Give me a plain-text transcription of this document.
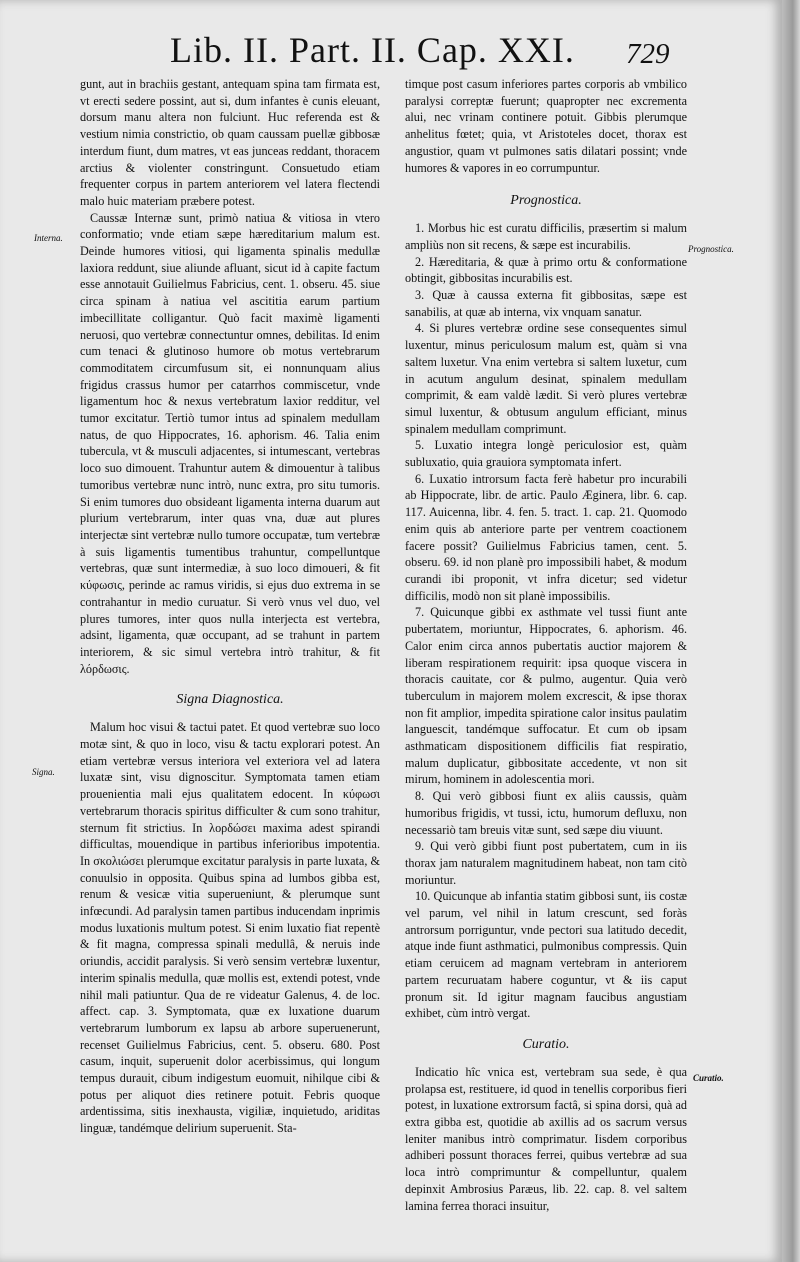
Lib. II. Part. II. Cap. XXI. 729
Interna.
Signa.
Prognostica.
Curatio.

gunt, aut in brachiis gestant, antequam spina tam firmata est, vt erecti sedere possint, aut si, dum infantes è cunis eleuant, dorsum manu altera non fulciunt. Huc referenda est & vestium nimia constrictio, ob quam caussam puellæ gibbosæ interdum fiunt, dum matres, vt eas junceas reddant, thoracem arctius & violenter constringunt. Consuetudo etiam frequenter corpus in partem anteriorem vel latera flectendi malo huic materiam præbere potest.

Caussæ Internæ sunt, primò natiua & vitiosa in vtero conformatio; vnde etiam sæpe hæreditarium malum est. Deinde humores vitiosi, qui ligamenta spinalis medullæ laxiora reddunt, siue aliunde afluant, sicut id à capite factum esse annotauit Guilielmus Fabricius, cent. 1. obseru. 45. siue circa spinam à natiua vel ascititia earum partium imbecillitate colligantur. Quò facit maximè ligamenti neruosi, quo vertebræ connectuntur omnes, debilitas. Id enim cum tenaci & glutinoso humore ob motus vertebrarum commoditatem circumfusum sit, ei nonnunquam alius frigidus crassus humor per catarrhos commiscetur, vnde ligamentum hoc & nexus vertebratum laxior redditur, vel tumor excitatur. Tertiò tumor intus ad spinalem medullam natus, de quo Hippocrates, 16. aphorism. 46. Talia enim tubercula, vt & musculi adjacentes, si intumescant, vertebras loco suo dimouent. Trahuntur autem & dimouentur à talibus tumoribus vertebræ nunc intrò, nunc extra, pro situ tumoris. Si enim tumores duo obsideant ligamenta interna duarum aut plurium vertebrarum, inter quas vna, duæ aut plures interjectæ sint vertebræ nullo tumore occupatæ, tum vertebræ à suis ligamentis tumentibus trahuntur, compelluntque vertebras, quæ sunt intermediæ, à suo loco dimoueri, & fit κύφωσις, perinde ac ramus viridis, si ejus duo extrema in se contrahantur in medio curuatur. Si verò vnus vel duo, vel plures tumores, inter quos nulla interjecta est vertebra, adsint, ligamenta, quæ occupant, ad se trahunt in partem interiorem, & sic simul vertebra intrò trahitur, & fit λόρδωσις.

Signa Diagnostica.

Malum hoc visui & tactui patet. Et quod vertebræ suo loco motæ sint, & quo in loco, visu & tactu explorari potest. An etiam vertebræ versus interiora vel exteriora vel ad latera luxatæ sint, visu dignoscitur. Symptomata tamen etiam prouenientia mali ejus qualitatem edocent. In κύφωσι vertebrarum thoracis spiritus difficulter & cum sono trahitur, sternum fit strictius. In λορδώσει maxima adest spirandi difficultas, mouendique in partibus inferioribus impotentia. In σκολιώσει plerumque excitatur paralysis in parte luxata, & conuulsio in opposita. Quibus spina ad lumbos gibba est, renum & vesicæ vitia superueniunt, & plerumque sunt infœcundi. Ad paralysin tamen partibus inducendam inprimis modus luxationis multum potest. Si enim luxatio fiat repentè & fit magna, compressa spinali medullâ, & neruis inde oriundis, accidit paralysis. Si verò sensim vertebræ luxentur, interim spinalis medulla, quæ mollis est, extendi potest, vnde nihil mali patiuntur. Qua de re videatur Galenus, 4. de loc. affect. cap. 3. Symptomata, quæ ex luxatione duarum vertebrarum lumborum ex lapsu ab arbore superuenerunt, recenset Guilielmus Fabricius, cent. 5. obseru. 680. Post casum, inquit, superuenit dolor acerbissimus, qui longum tempus durauit, cibum indigestum euomuit, nihilque cibi & potus per aliquot dies retinere potuit. Febris quoque ardentissima, sitis inexhausta, vigiliæ, inquietudo, ariditas linguæ, tandémque delirium superuenit. Sta-

timque post casum inferiores partes corporis ab vmbilico paralysi correptæ fuerunt; quapropter nec excrementa alui, nec vrinam continere potuit. Gibbis plerumque anhelitus fœtet; quia, vt Aristoteles docet, thorax est angustior, quam vt pulmones satis dilatari possint; vnde humores & vapores in eo corrumpuntur.

Prognostica.

1. Morbus hic est curatu difficilis, præsertim si malum ampliùs non sit recens, & sæpe est incurabilis.

2. Hæreditaria, & quæ à primo ortu & conformatione obtingit, gibbositas incurabilis est.

3. Quæ à caussa externa fit gibbositas, sæpe est sanabilis, at quæ ab interna, vix vnquam sanatur.

4. Si plures vertebræ ordine sese consequentes simul luxentur, minus periculosum malum est, quàm si vna saltem luxetur. Vna enim vertebra si saltem luxetur, cum in acutum angulum desinat, spinalem medullam comprimit, & eam valdè lædit. Si verò plures vertebræ simul luxentur, & obtusum angulum efficiant, minus spinalem medullam comprimunt.

5. Luxatio integra longè periculosior est, quàm subluxatio, quia grauiora symptomata infert.

6. Luxatio introrsum facta ferè habetur pro incurabili ab Hippocrate, libr. de artic. Paulo Æginera, libr. 6. cap. 117. Auicenna, libr. 4. fen. 5. tract. 1. cap. 21. Quomodo enim quis ab anteriore parte per ventrem coactionem facere possit? Guilielmus Fabricius tamen, cent. 5. obseru. 69. id non planè pro impossibili habet, & modum curandi ibi proponit, vt infra dicetur; sed videtur difficilis, modò non sit planè impossibilis.

7. Quicunque gibbi ex asthmate vel tussi fiunt ante pubertatem, moriuntur, Hippocrates, 6. aphorism. 46. Calor enim circa annos pubertatis auctior majorem & liberam respirationem requirit: ipsa quoque viscera in thoracis cauitate, cor & pulmo, augentur. Quia verò tuberculum in majorem molem excrescit, & ipse thorax non fit amplior, impedita spiratione calor insitus paulatim languescit, tandémque suffocatur. Et cum ob ipsam asthmaticam dispositionem difficilis fiat respiratio, malum duplicatur, gibbositate accedente, vt non sit mirum, hominem in adolescentia mori.

8. Qui verò gibbosi fiunt ex aliis caussis, quàm humoribus frigidis, vt tussi, ictu, humorum defluxu, non necessariò tam breuis vitæ sunt, sed sæpe diu viuunt.

9. Qui verò gibbi fiunt post pubertatem, cum in iis thorax jam naturalem magnitudinem habeat, non tam citò moriuntur.

10. Quicunque ab infantia statim gibbosi sunt, iis costæ vel parum, vel nihil in latum crescunt, sed foràs antrorsum porriguntur, vnde pectori sua latitudo decedit, atque inde fiunt asthmatici, pulmonibus compressis. Quin etiam ceruicem ad magnam vertebram in anteriorem partem recuruatam habere coguntur, vt & iis caput pronum sit. Id igitur magnam faucibus angustiam exhibet, cùm intrò vergat.

Curatio.

Indicatio hîc vnica est, vertebram sua sede, è qua prolapsa est, restituere, id quod in tenellis corporibus fieri potest, in luxatione extrorsum factâ, si spina dorsi, quà ad extra gibba est, quotidie ab axillis ad os sacrum versus leniter manibus intrò comprimatur. Iisdem corporibus adhiberi possunt thoraces ferrei, quibus vertebræ ad sua loca intrò comprimuntur & compelluntur, qualem depinxit Ambrosius Paræus, lib. 22. cap. 8. vel saltem lamina ferrea thoraci insuitur,
